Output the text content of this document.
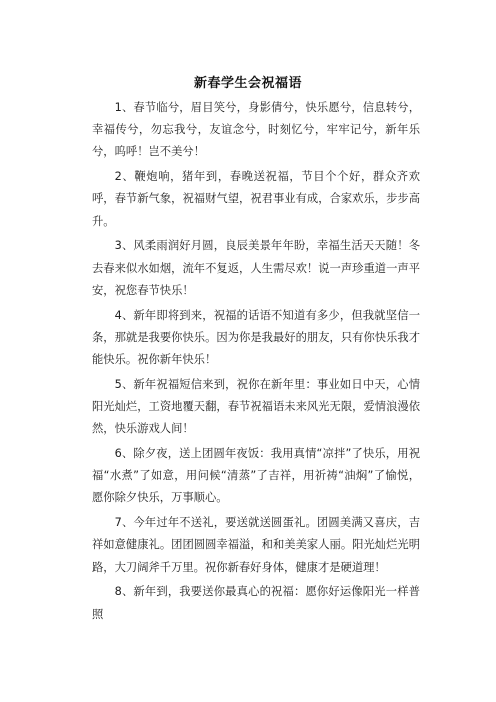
新春学生会祝福语

1、春节临兮，眉目笑兮，身影倩兮，快乐愿兮，信息转兮，幸福传兮，勿忘我兮，友谊念兮，时刻忆兮，牢牢记兮，新年乐兮，呜呼！岂不美兮！

2、鞭炮响，猪年到，春晚送祝福，节目个个好，群众齐欢呼，春节新气象，祝福财气望，祝君事业有成，合家欢乐，步步高升。

3、风柔雨润好月圆，良辰美景年年盼，幸福生活天天随！冬去春来似水如烟，流年不复返，人生需尽欢！说一声珍重道一声平安，祝您春节快乐！

4、新年即将到来，祝福的话语不知道有多少，但我就坚信一条，那就是我要你快乐。因为你是我最好的朋友，只有你快乐我才能快乐。祝你新年快乐！

5、新年祝福短信来到，祝你在新年里：事业如日中天，心情阳光灿烂，工资地覆天翻，春节祝福语未来风光无限，爱情浪漫依然，快乐游戏人间！

6、除夕夜，送上团圆年夜饭：我用真情“凉拌”了快乐，用祝福“水煮”了如意，用问候“清蒸”了吉祥，用祈祷“油焖”了愉悦，愿你除夕快乐，万事顺心。

7、今年过年不送礼，要送就送圆蛋礼。团圆美满又喜庆，吉祥如意健康礼。团团圆圆幸福溢，和和美美家人丽。阳光灿烂光明路，大刀阔斧千万里。祝你新春好身体，健康才是硬道理！

8、新年到，我要送你最真心的祝福：愿你好运像阳光一样普照
